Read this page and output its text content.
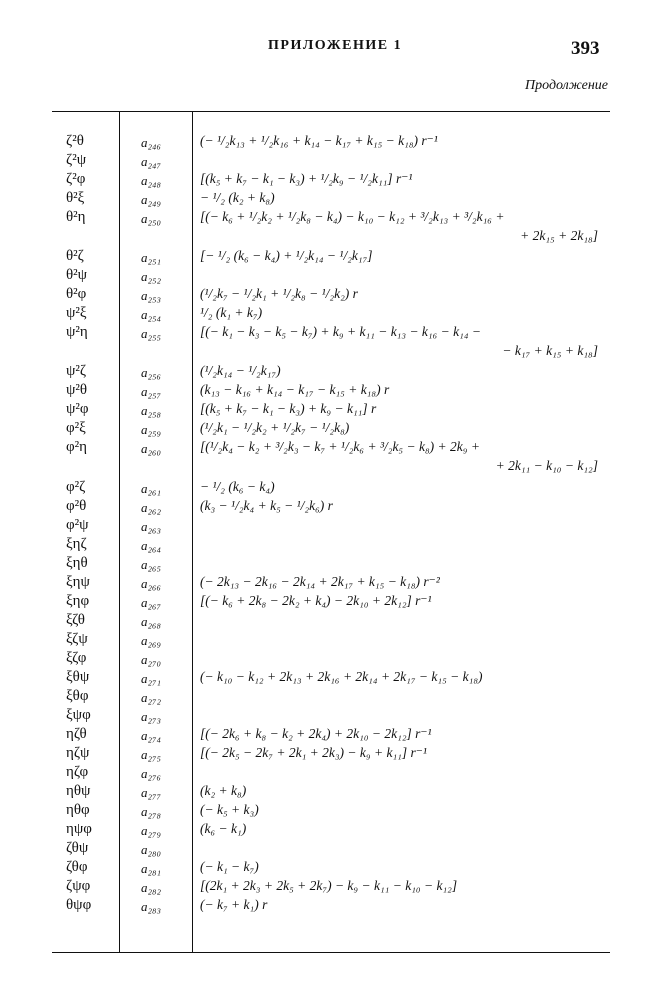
ПРИЛОЖЕНИЕ 1	393
Продолжение
ζ²θ	a₂₄₆	(− ¹/₂k₁₃ + ¹/₂k₁₆ + k₁₄ − k₁₇ + k₁₅ − k₁₈) r⁻¹
ζ²ψ	a₂₄₇
ζ²φ	a₂₄₈	[(k₅ + k₇ − k₁ − k₃) + ¹/₂k₉ − ¹/₂k₁₁] r⁻¹
θ²ξ	a₂₄₉	− ¹/₂ (k₂ + k₈)
θ²η	a₂₅₀	[(− k₆ + ¹/₂k₂ + ¹/₂k₈ − k₄) − k₁₀ − k₁₂ + ³/₂k₁₃ + ³/₂k₁₆ +
+ 2k₁₅ + 2k₁₈]
θ²ζ	a₂₅₁	[− ¹/₂ (k₆ − k₄) + ¹/₂k₁₄ − ¹/₂k₁₇]
θ²ψ	a₂₅₂
θ²φ	a₂₅₃	(¹/₂k₇ − ¹/₂k₁ + ¹/₂k₈ − ¹/₂k₂) r
ψ²ξ	a₂₅₄	¹/₂ (k₁ + k₇)
ψ²η	a₂₅₅	[(− k₁ − k₃ − k₅ − k₇) + k₉ + k₁₁ − k₁₃ − k₁₆ − k₁₄ −
− k₁₇ + k₁₅ + k₁₈]
ψ²ζ	a₂₅₆	(¹/₂k₁₄ − ¹/₂k₁₇)
ψ²θ	a₂₅₇	(k₁₃ − k₁₆ + k₁₄ − k₁₇ − k₁₅ + k₁₈) r
ψ²φ	a₂₅₈	[(k₅ + k₇ − k₁ − k₃) + k₉ − k₁₁] r
φ²ξ	a₂₅₉	(¹/₂k₁ − ¹/₂k₂ + ¹/₂k₇ − ¹/₂k₈)
φ²η	a₂₆₀	[(¹/₂k₄ − k₂ + ³/₂k₃ − k₇ + ¹/₂k₆ + ³/₂k₅ − k₈) + 2k₉ +
+ 2k₁₁ − k₁₀ − k₁₂]
φ²ζ	a₂₆₁	− ¹/₂ (k₆ − k₄)
φ²θ	a₂₆₂	(k₃ − ¹/₂k₄ + k₅ − ¹/₂k₆) r
φ²ψ	a₂₆₃
ξηζ	a₂₆₄
ξηθ	a₂₆₅
ξηψ	a₂₆₆	(− 2k₁₃ − 2k₁₆ − 2k₁₄ + 2k₁₇ + k₁₅ − k₁₈) r⁻²
ξηφ	a₂₆₇	[(− k₆ + 2k₈ − 2k₂ + k₄) − 2k₁₀ + 2k₁₂] r⁻¹
ξζθ	a₂₆₈
ξζψ	a₂₆₉
ξζφ	a₂₇₀
ξθψ	a₂₇₁	(− k₁₀ − k₁₂ + 2k₁₃ + 2k₁₆ + 2k₁₄ + 2k₁₇ − k₁₅ − k₁₈)
ξθφ	a₂₇₂
ξψφ	a₂₇₃
ηζθ	a₂₇₄	[(− 2k₆ + k₈ − k₂ + 2k₄) + 2k₁₀ − 2k₁₂] r⁻¹
ηζψ	a₂₇₅	[(− 2k₅ − 2k₇ + 2k₁ + 2k₃) − k₉ + k₁₁] r⁻¹
ηζφ	a₂₇₆
ηθψ	a₂₇₇	(k₂ + k₈)
ηθφ	a₂₇₈	(− k₅ + k₃)
ηψφ	a₂₇₉	(k₆ − k₁)
ζθψ	a₂₈₀
ζθφ	a₂₈₁	(− k₁ − k₇)
ζψφ	a₂₈₂	[(2k₁ + 2k₃ + 2k₅ + 2k₇) − k₉ − k₁₁ − k₁₀ − k₁₂]
θψφ	a₂₈₃	(− k₇ + k₁) r
